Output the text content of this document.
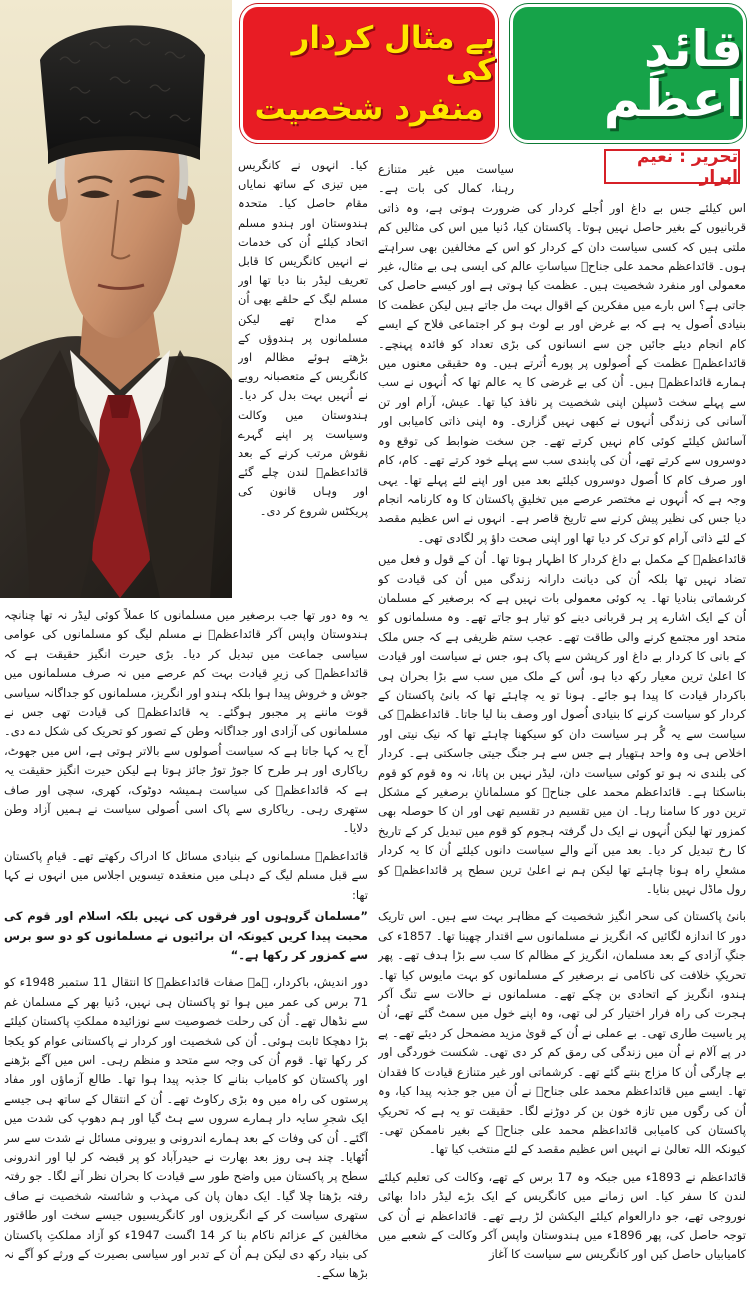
بے مثال کردار کی
منفرد شخصیت
قائدِ اعظم
تحریر : نعیم ابرار

سیاست میں غیر متنازع رہنا، کمال کی بات ہے۔ اس کیلئے جس بے داغ اور اُجلے کردار کی ضرورت ہوتی ہے، وہ ذاتی قربانیوں کے بغیر حاصل نہیں ہوتا۔ پاکستان کیا، دُنیا میں اس کی مثالیں کم ملتی ہیں کہ کسی سیاست دان کے کردار کو اس کے مخالفین بھی سراہتے ہوں۔ قائداعظم محمد علی جناحؒ سیاساتِ عالم کی ایسی ہی بے مثال، غیر معمولی اور منفرد شخصیت ہیں۔ عظمت کیا ہوتی ہے اور کیسے حاصل کی جاتی ہے؟ اس بارے میں مفکرین کے اقوال بہت مل جاتے ہیں لیکن عظمت کا بنیادی اُصول یہ ہے کہ بے غرض اور بے لوث ہو کر اجتماعی فلاح کے ایسے کام انجام دیئے جائیں جن سے انسانوں کی بڑی تعداد کو فائدہ پہنچے۔ قائداعظمؒ عظمت کے اُصولوں پر پورے اُترتے ہیں۔ وہ حقیقی معنوں میں ہمارے قائداعظمؒ ہیں۔ اُن کی بے غرضی کا یہ عالم تھا کہ اُنہوں نے سب سے پہلے سخت ڈسپلن اپنی شخصیت پر نافذ کیا تھا۔ عیش، آرام اور تن آسانی کی زندگی اُنہوں نے کبھی نہیں گزاری۔ وہ اپنی ذاتی کامیابی اور آسائش کیلئے کوئی کام نہیں کرتے تھے۔ جن سخت ضوابط کی توقع وہ دوسروں سے کرتے تھے، اُن کی پابندی سب سے پہلے خود کرتے تھے۔ کام، کام اور صرف کام کا اُصول دوسروں کیلئے بعد میں اور اپنے لئے پہلے تھا۔ یہی وجہ ہے کہ اُنہوں نے مختصر عرصے میں تخلیقِ پاکستان کا وہ کارنامہ انجام دیا جس کی نظیر پیش کرنے سے تاریخ قاصر ہے۔ انہوں نے اس عظیم مقصد کے لئے ذاتی آرام کو ترک کر دیا تھا اور اپنی صحت داؤ پر لگادی تھی۔

قائداعظمؒ کے مکمل بے داغ کردار کا اظہار ہوتا تھا۔ اُن کے قول و فعل میں تضاد نہیں تھا بلکہ اُن کی دیانت دارانہ زندگی میں اُن کی قیادت کو کرشماتی بنادیا تھا۔ یہ کوئی معمولی بات نہیں ہے کہ برصغیر کے مسلمان اُن کے ایک اشارے پر ہر قربانی دینے کو تیار ہو جاتے تھے۔ وہ مسلمانوں کو متحد اور مجتمع کرنے والی طاقت تھے۔ عجب ستم ظریفی ہے کہ جس ملک کے بانی کا کردار بے داغ اور کرپشن سے پاک ہو، جس نے سیاست اور قیادت کا اعلیٰ ترین معیار رکھ دیا ہو، اُس کے ملک میں سب سے بڑا بحران ہی باکردار قیادت کا پیدا ہو جائے۔ ہونا تو یہ چاہئے تھا کہ بانیٔ پاکستان کے کردار کو سیاست کرنے کا بنیادی اُصول اور وصف بنا لیا جاتا۔ قائداعظمؒ کی سیاست سے یہ گُر ہر سیاست دان کو سیکھنا چاہئے تھا کہ نیک نیتی اور اخلاص ہی وہ واحد ہتھیار ہے جس سے ہر جنگ جیتی جاسکتی ہے۔ کردار کی بلندی نہ ہو تو کوئی سیاست دان، لیڈر نہیں بن پاتا، نہ وہ قوم کو قوم بناسکتا ہے۔ قائداعظم محمد علی جناحؒ کو مسلمانانِ برصغیر کے مشکل ترین دور کا سامنا رہا۔ ان میں تقسیم در تقسیم تھی اور ان کا حوصلہ بھی کمزور تھا لیکن اُنہوں نے ایک دل گرفتہ ہجوم کو قوم میں تبدیل کر کے تاریخ کا رخ تبدیل کر دیا۔ بعد میں آنے والے سیاست دانوں کیلئے اُن کا یہ کردار مشعلِ راہ ہونا چاہئے تھا لیکن ہم نے اعلیٰ ترین سطح پر قائداعظمؒ کو رول ماڈل نہیں بنایا۔

بانیٔ پاکستان کی سحر انگیز شخصیت کے مظاہر بہت سے ہیں۔ اس تاریک دور کا اندازہ لگائیں کہ انگریز نے مسلمانوں سے اقتدار چھینا تھا۔ 1857ء کی جنگِ آزادی کے بعد مسلمان، انگریز کے مظالم کا سب سے بڑا ہدف تھے۔ پھر تحریکِ خلافت کی ناکامی نے برصغیر کے مسلمانوں کو بہت مایوس کیا تھا۔ ہندو، انگریز کے اتحادی بن چکے تھے۔ مسلمانوں نے حالات سے تنگ آکر ہجرت کی راہ فرار اختیار کر لی تھی، وہ اپنے خول میں سمٹ گئے تھے، اُن پر یاسیت طاری تھی۔ بے عملی نے اُن کے قویٰ مزید مضمحل کر دیئے تھے۔ پے در پے آلام نے اُن میں زندگی کی رمق کم کر دی تھی۔ شکست خوردگی اور بے چارگی اُن کا مزاج بنتے گئے تھے۔ کرشماتی اور غیر متنازع قیادت کا فقدان تھا۔ ایسے میں قائداعظم محمد علی جناحؒ نے اُن میں جو جذبہ پیدا کیا، وہ اُن کی رگوں میں تازہ خون بن کر دوڑنے لگا۔ حقیقت تو یہ ہے کہ تحریکِ پاکستان کی کامیابی قائداعظم محمد علی جناحؒ کے بغیر ناممکن تھی۔ کیونکہ اللہ تعالیٰ نے انہیں اس عظیم مقصد کے لئے منتخب کیا تھا۔

قائداعظم نے 1893ء میں جبکہ وہ 17 برس کے تھے، وکالت کی تعلیم کیلئے لندن کا سفر کیا۔ اس زمانے میں کانگریس کے ایک بڑے لیڈر دادا بھائی نوروجی تھے، جو دارالعوام کیلئے الیکشن لڑ رہے تھے۔ قائداعظم نے اُن کی توجہ حاصل کی، پھر 1896ء میں ہندوستان واپس آکر وکالت کے شعبے میں کامیابیاں حاصل کیں اور کانگریس سے سیاست کا آغاز

کیا۔ انہوں نے کانگریس میں تیزی کے ساتھ نمایاں مقام حاصل کیا۔ متحدہ ہندوستان اور ہندو مسلم اتحاد کیلئے اُن کی خدمات نے انہیں کانگریس کا قابل تعریف لیڈر بنا دیا تھا اور مسلم لیگ کے حلقے بھی اُن کے مداح تھے لیکن مسلمانوں پر ہندوؤں کے بڑھتے ہوئے مظالم اور کانگریس کے متعصبانہ رویے نے اُنہیں بہت بدل کر دیا۔ ہندوستان میں وکالت وسیاست پر اپنے گہرے نقوش مرتب کرنے کے بعد قائداعظمؒ لندن چلے گئے اور وہاں قانون کی پریکٹس شروع کر دی۔

یہ وہ دور تھا جب برصغیر میں مسلمانوں کا عملاً کوئی لیڈر نہ تھا چنانچہ ہندوستان واپس آکر قائداعظمؒ نے مسلم لیگ کو مسلمانوں کی عوامی سیاسی جماعت میں تبدیل کر دیا۔ بڑی حیرت انگیز حقیقت ہے کہ قائداعظمؒ کی زیرِ قیادت بہت کم عرصے میں نہ صرف مسلمانوں میں جوش و خروش پیدا ہوا بلکہ ہندو اور انگریز، مسلمانوں کو جداگانہ سیاسی قوت ماننے پر مجبور ہوگئے۔ یہ قائداعظمؒ کی قیادت تھی جس نے مسلمانوں کی آزادی اور جداگانہ وطن کے تصور کو تحریک کی شکل دے دی۔ آج یہ کہا جاتا ہے کہ سیاست اُصولوں سے بالاتر ہوتی ہے، اس میں جھوٹ، ریاکاری اور ہر طرح کا جوڑ توڑ جائز ہوتا ہے لیکن حیرت انگیز حقیقت یہ ہے کہ قائداعظمؒ کی سیاست ہمیشہ دوٹوک، کھری، سچی اور صاف ستھری رہی۔ ریاکاری سے پاک اسی اُصولی سیاست نے ہمیں آزاد وطن دلایا۔

قائداعظمؒ مسلمانوں کے بنیادی مسائل کا ادراک رکھتے تھے۔ قیامِ پاکستان سے قبل مسلم لیگ کے دہلی میں منعقدہ تیسویں اجلاس میں انہوں نے کہا تھا:

”مسلمان گروہوں اور فرقوں کی نہیں بلکہ اسلام اور قوم کی محبت پیدا کریں کیونکہ ان برائیوں نے مسلمانوں کو دو سو برس سے کمزور کر رکھا ہے۔“

دور اندیش، باکردار، ہمہ صفات قائداعظمؒ کا انتقال 11 ستمبر 1948ء کو 71 برس کی عمر میں ہوا تو پاکستان ہی نہیں، دُنیا بھر کے مسلمان غم سے نڈھال تھے۔ اُن کی رحلت خصوصیت سے نوزائیدہ مملکتِ پاکستان کیلئے بڑا دھچکا ثابت ہوئی۔ اُن کی شخصیت اور کردار نے پاکستانی عوام کو یکجا کر رکھا تھا۔ قوم اُن کی وجہ سے متحد و منظم رہی۔ اس میں آگے بڑھنے اور پاکستان کو کامیاب بنانے کا جذبہ پیدا ہوا تھا۔ طالع آزماؤں اور مفاد پرستوں کی راہ میں وہ بڑی رکاوٹ تھے۔ اُن کے انتقال کے ساتھ ہی جیسے ایک شجرِ سایہ دار ہمارے سروں سے ہٹ گیا اور ہم دھوپ کی شدت میں آگئے۔ اُن کی وفات کے بعد ہمارے اندرونی و بیرونی مسائل نے شدت سے سر اُٹھایا۔ چند ہی روز بعد بھارت نے حیدرآباد کو پر قبضہ کر لیا اور اندرونی سطح پر پاکستان میں واضح طور سے قیادت کا بحران نظر آنے لگا۔ جو رفتہ رفتہ بڑھتا چلا گیا۔ ایک دھان پان کی مہذب و شائستہ شخصیت نے صاف ستھری سیاست کر کے انگریزوں اور کانگریسیوں جیسے سخت اور طاقتور مخالفین کے عزائم ناکام بنا کر 14 اگست 1947ء کو آزاد مملکتِ پاکستان کی بنیاد رکھ دی لیکن ہم اُن کے تدبر اور سیاسی بصیرت کے ورثے کو آگے نہ بڑھا سکے۔
